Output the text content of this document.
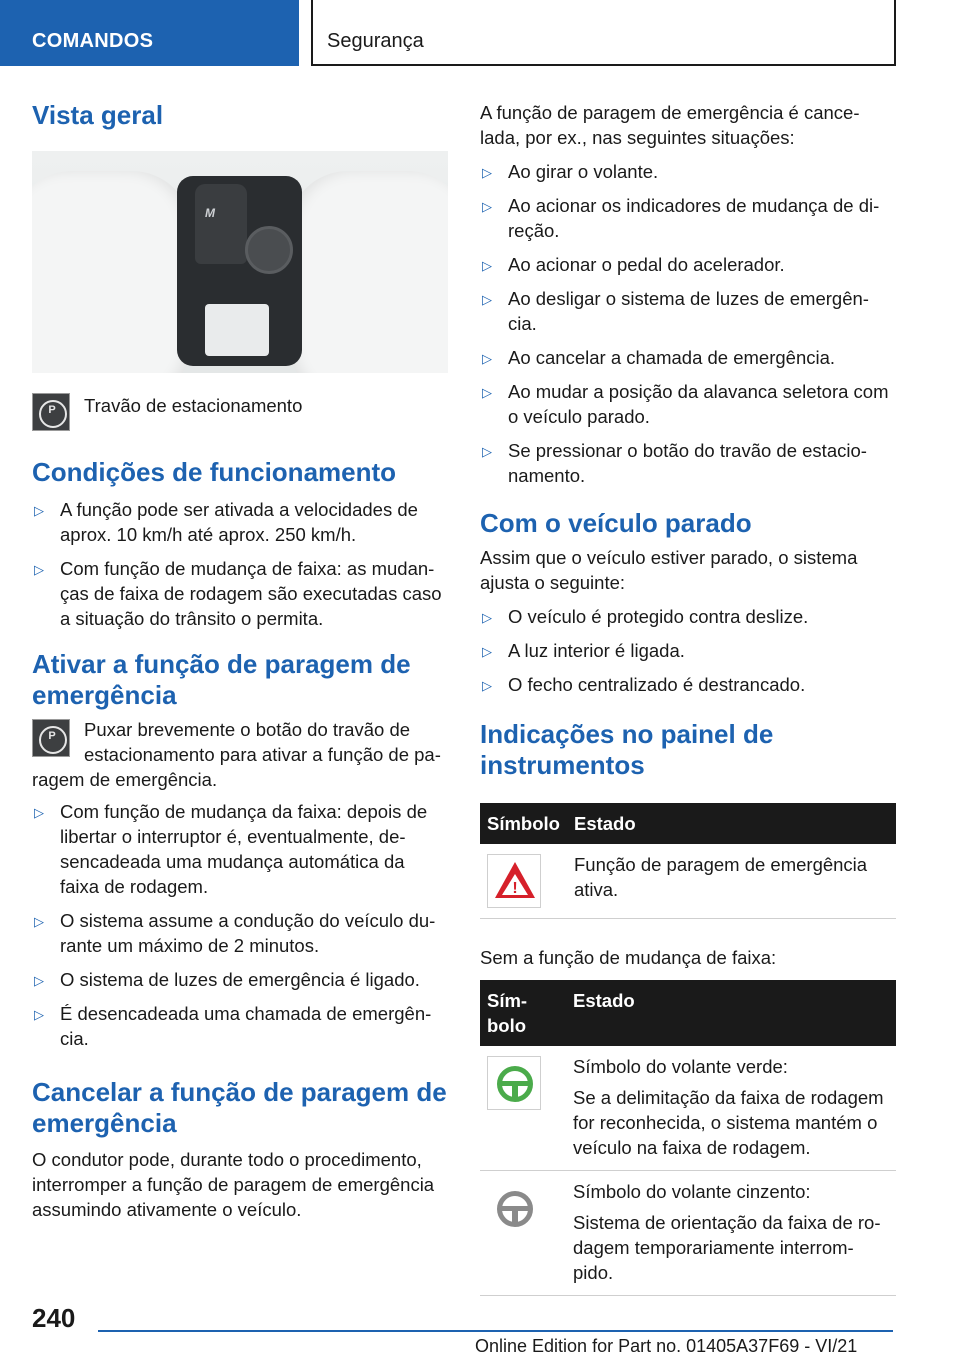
COMANDOS	Segurança
Vista geral
M
P	Travão de estacionamento

Condições de funcionamento
▷ A função pode ser ativada a velocidades de aprox. 10 km/h até aprox. 250 km/h.
▷ Com função de mudança de faixa: as mudan‐ças de faixa de rodagem são executadas caso a situação do trânsito o permita.
Ativar a função de paragem de emergência
P	Puxar brevemente o botão do travão de estacionamento para ativar a função de pa‐ragem de emergência.

▷ Com função de mudança da faixa: depois de libertar o interruptor é, eventualmente, de‐sencadeada uma mudança automática da faixa de rodagem.
▷ O sistema assume a condução do veículo du‐rante um máximo de 2 minutos.
▷ O sistema de luzes de emergência é ligado.
▷ É desencadeada uma chamada de emergên‐cia.
Cancelar a função de paragem de emergência

O condutor pode, durante todo o procedimento, interromper a função de paragem de emergência assumindo ativamente o veículo.

A função de paragem de emergência é cance‐lada, por ex., nas seguintes situações:

▷ Ao girar o volante.
▷ Ao acionar os indicadores de mudança de di‐reção.
▷ Ao acionar o pedal do acelerador.
▷ Ao desligar o sistema de luzes de emergên‐cia.
▷ Ao cancelar a chamada de emergência.
▷ Ao mudar a posição da alavanca seletora com o veículo parado.
▷ Se pressionar o botão do travão de estacio‐namento.
Com o veículo parado

Assim que o veículo estiver parado, o sistema ajusta o seguinte:

▷ O veículo é protegido contra deslize.
▷ A luz interior é ligada.
▷ O fecho centralizado é destrancado.
Indicações no painel de instrumentos
Símbolo	Estado

!	Função de paragem de emergência ativa.

Sem a função de mudança de faixa:

Sím‐bolo	Estado

	Símbolo do volante verde:

Se a delimitação da faixa de rodagem for reconhecida, o sistema mantém o veículo na faixa de rodagem.

	Símbolo do volante cinzento:

Sistema de orientação da faixa de ro‐dagem temporariamente interrom‐pido.

240
Online Edition for Part no. 01405A37F69 - VI/21
